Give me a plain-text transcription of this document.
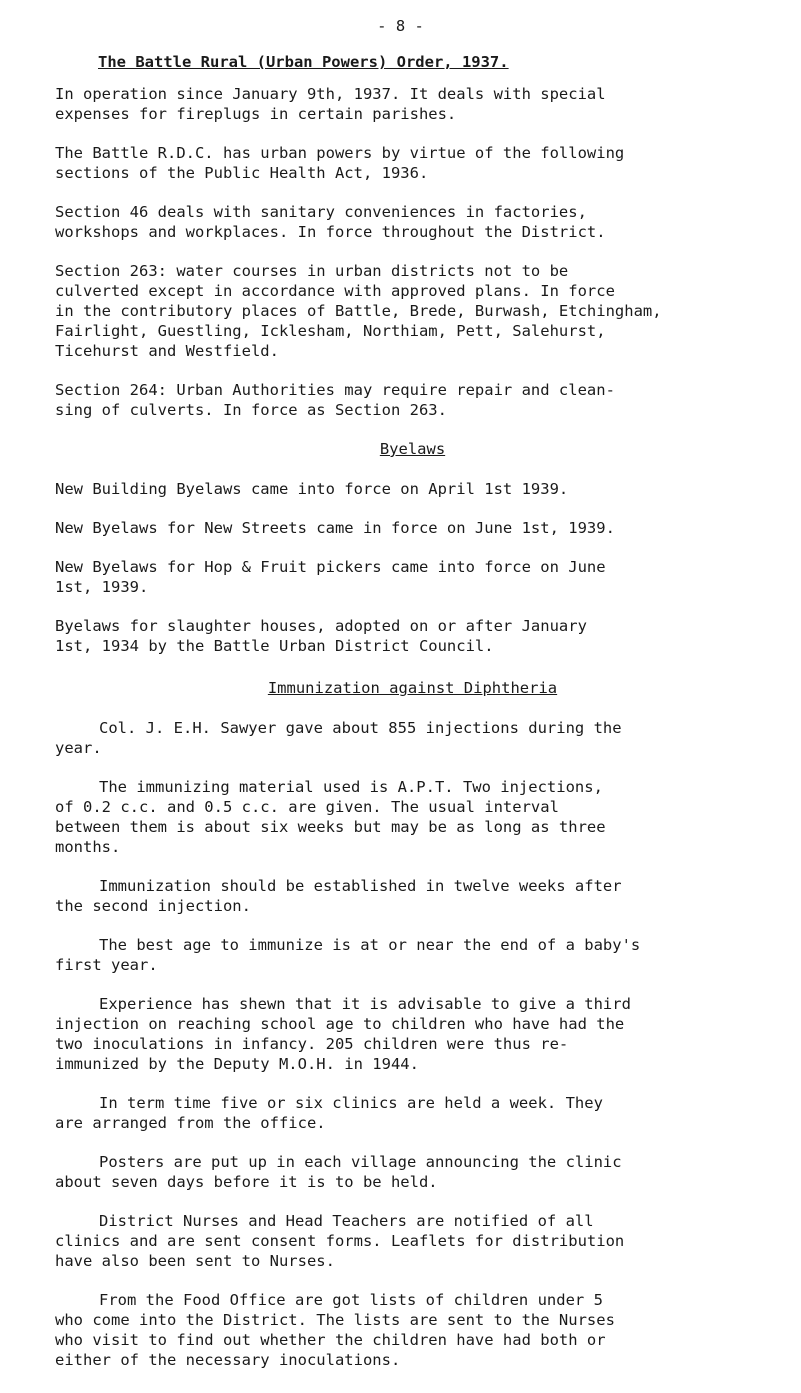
- 8 -
The Battle Rural (Urban Powers) Order, 1937.

In operation since January 9th, 1937. It deals with special
expenses for fireplugs in certain parishes.

The Battle R.D.C. has urban powers by virtue of the following
sections of the Public Health Act, 1936.

Section 46 deals with sanitary conveniences in factories,
workshops and workplaces. In force throughout the District.

Section 263: water courses in urban districts not to be
culverted except in accordance with approved plans. In force
in the contributory places of Battle, Brede, Burwash, Etchingham,
Fairlight, Guestling, Icklesham, Northiam, Pett, Salehurst,
Ticehurst and Westfield.

Section 264: Urban Authorities may require repair and clean-
sing of culverts. In force as Section 263.

Byelaws

New Building Byelaws came into force on April 1st 1939.

New Byelaws for New Streets came in force on June 1st, 1939.

New Byelaws for Hop & Fruit pickers came into force on June
1st, 1939.

Byelaws for slaughter houses, adopted on or after January
1st, 1934 by the Battle Urban District Council.

Immunization against Diphtheria

Col. J. E.H. Sawyer gave about 855 injections during the
year.

The immunizing material used is A.P.T. Two injections,
of 0.2 c.c. and 0.5 c.c. are given. The usual interval
between them is about six weeks but may be as long as three
months.

Immunization should be established in twelve weeks after
the second injection.

The best age to immunize is at or near the end of a baby's
first year.

Experience has shewn that it is advisable to give a third
injection on reaching school age to children who have had the
two inoculations in infancy. 205 children were thus re-
immunized by the Deputy M.O.H. in 1944.

In term time five or six clinics are held a week. They
are arranged from the office.

Posters are put up in each village announcing the clinic
about seven days before it is to be held.

District Nurses and Head Teachers are notified of all
clinics and are sent consent forms. Leaflets for distribution
have also been sent to Nurses.

From the Food Office are got lists of children under 5
who come into the District. The lists are sent to the Nurses
who visit to find out whether the children have had both or
either of the necessary inoculations.
